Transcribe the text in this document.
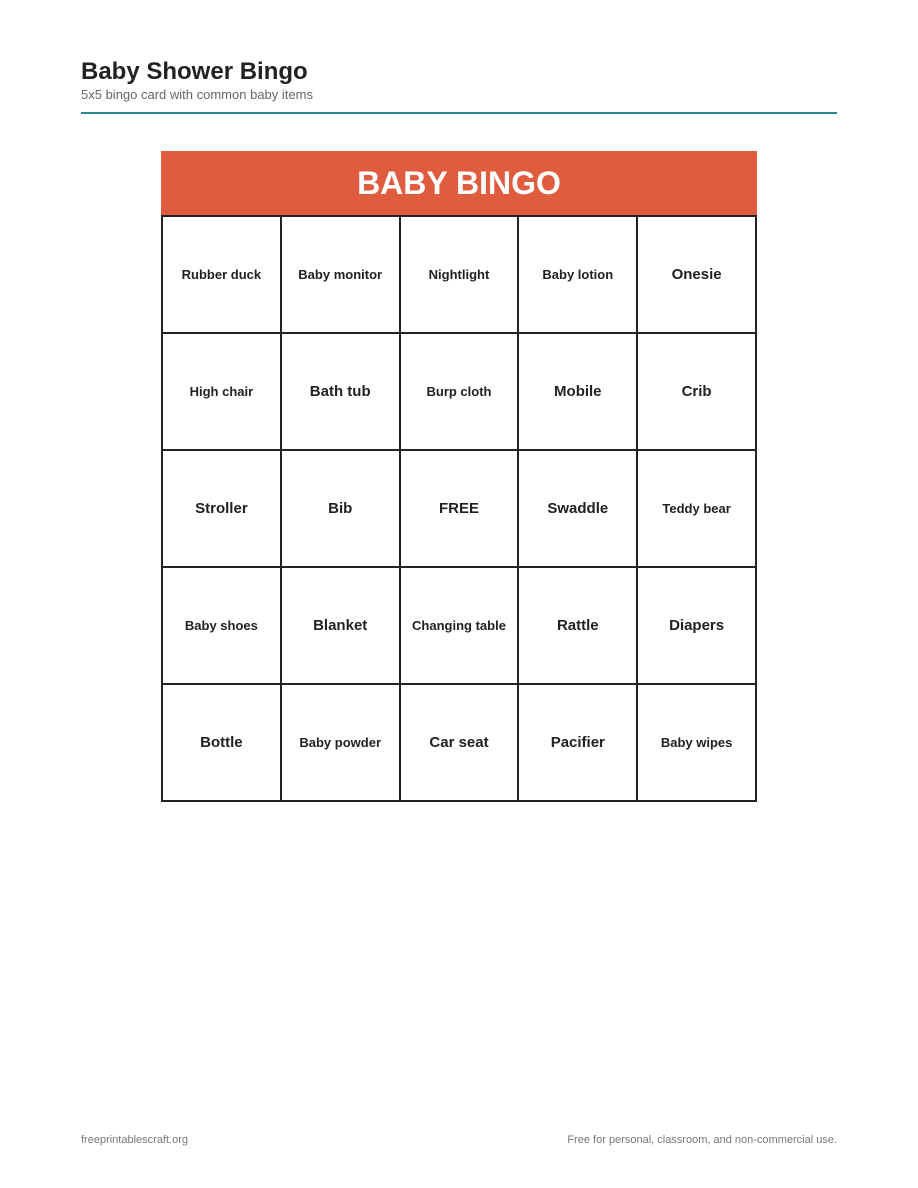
Baby Shower Bingo
5x5 bingo card with common baby items
BABY BINGO
Rubber duck	Baby monitor	Nightlight	Baby lotion	Onesie
High chair	Bath tub	Burp cloth	Mobile	Crib
Stroller	Bib	FREE	Swaddle	Teddy bear
Baby shoes	Blanket	Changing table	Rattle	Diapers
Bottle	Baby powder	Car seat	Pacifier	Baby wipes
freeprintablescraft.org	Free for personal, classroom, and non-commercial use.
